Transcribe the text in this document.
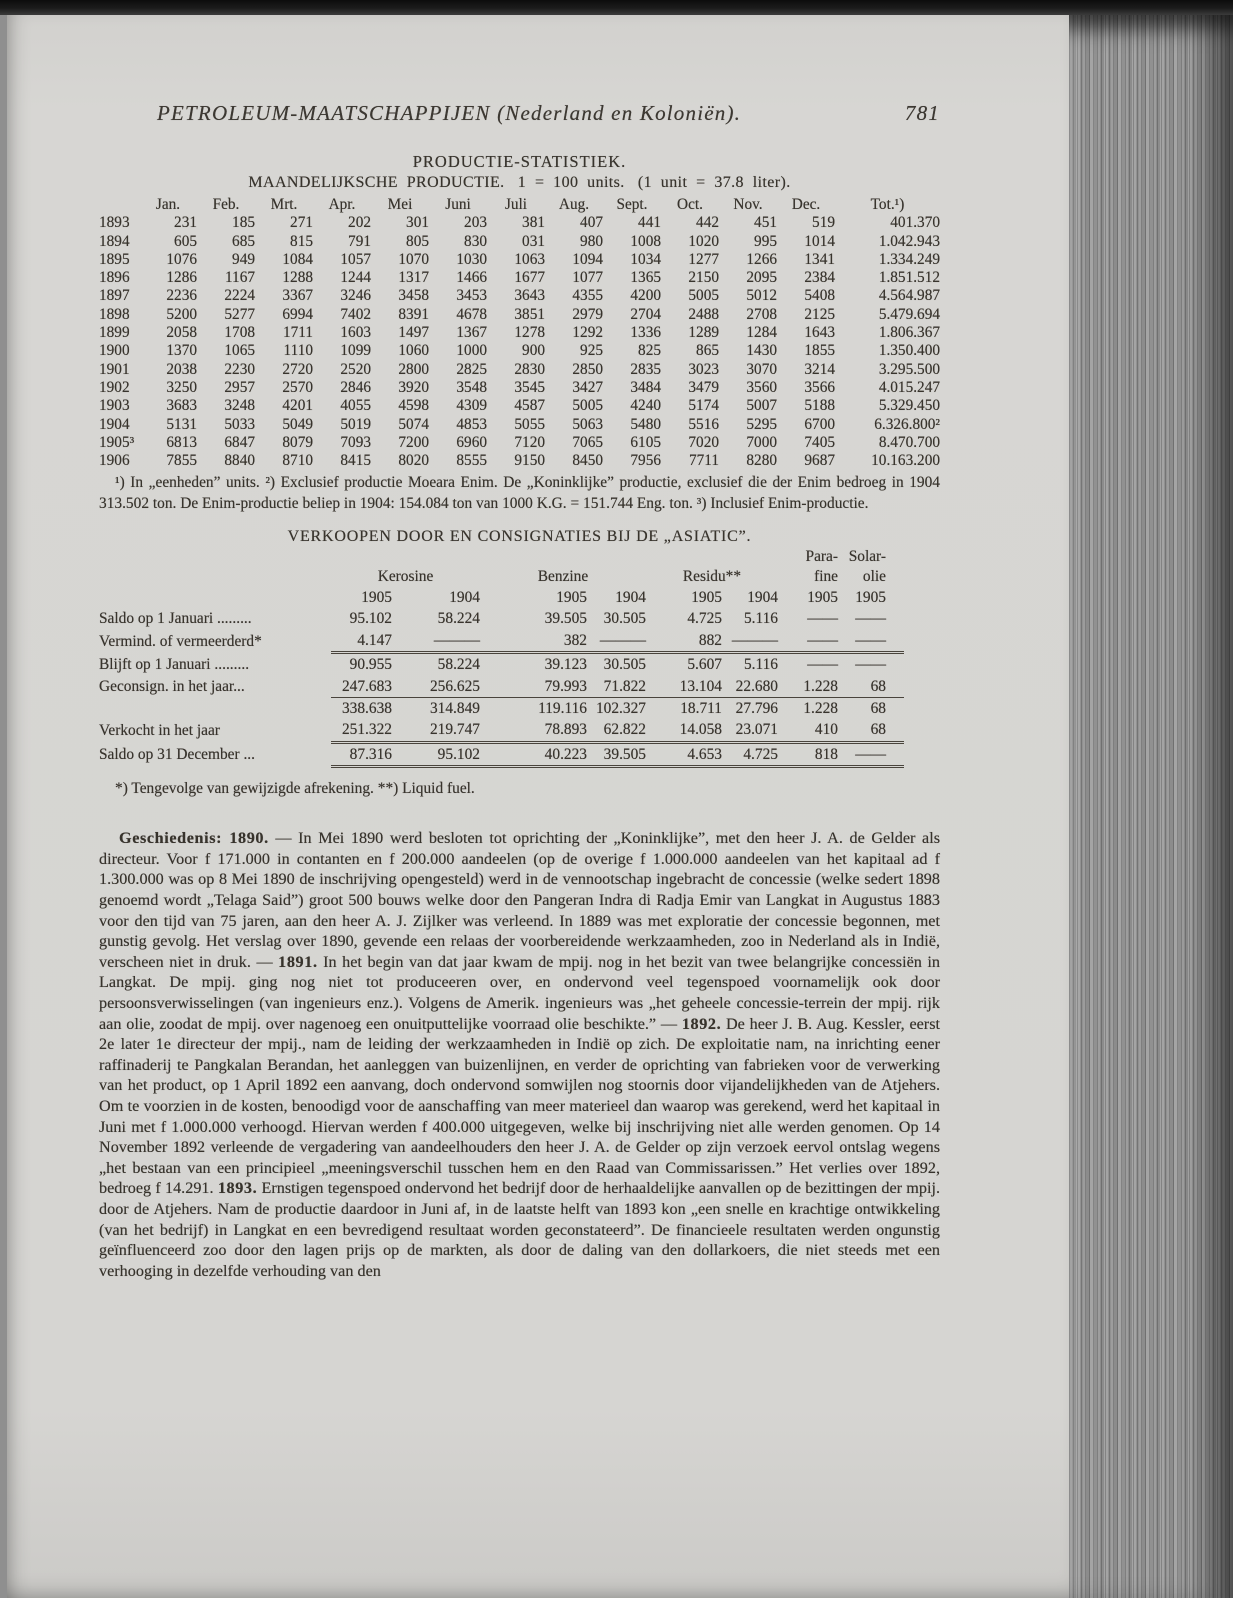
PETROLEUM-MAATSCHAPPIJEN (Nederland en Koloniën).	781
PRODUCTIE-STATISTIEK.
MAANDELIJKSCHE  PRODUCTIE.   1  =  100  units.   (1  unit  =  37.8  liter).
	Jan.	Feb.	Mrt.	Apr.	Mei	Juni	Juli	Aug.	Sept.	Oct.	Nov.	Dec.	Tot.¹)
1893	231	185	271	202	301	203	381	407	441	442	451	519	401.370
1894	605	685	815	791	805	830	031	980	1008	1020	995	1014	1.042.943
1895	1076	949	1084	1057	1070	1030	1063	1094	1034	1277	1266	1341	1.334.249
1896	1286	1167	1288	1244	1317	1466	1677	1077	1365	2150	2095	2384	1.851.512
1897	2236	2224	3367	3246	3458	3453	3643	4355	4200	5005	5012	5408	4.564.987
1898	5200	5277	6994	7402	8391	4678	3851	2979	2704	2488	2708	2125	5.479.694
1899	2058	1708	1711	1603	1497	1367	1278	1292	1336	1289	1284	1643	1.806.367
1900	1370	1065	1110	1099	1060	1000	900	925	825	865	1430	1855	1.350.400
1901	2038	2230	2720	2520	2800	2825	2830	2850	2835	3023	3070	3214	3.295.500
1902	3250	2957	2570	2846	3920	3548	3545	3427	3484	3479	3560	3566	4.015.247
1903	3683	3248	4201	4055	4598	4309	4587	5005	4240	5174	5007	5188	5.329.450
1904	5131	5033	5049	5019	5074	4853	5055	5063	5480	5516	5295	6700	6.326.800²
1905³	6813	6847	8079	7093	7200	6960	7120	7065	6105	7020	7000	7405	8.470.700
1906	7855	8840	8710	8415	8020	8555	9150	8450	7956	7711	8280	9687	10.163.200

¹) In „eenheden” units. ²) Exclusief productie Moeara Enim. De „Koninklijke” productie, exclusief die der Enim bedroeg in 1904 313.502 ton. De Enim-productie beliep in 1904: 154.084 ton van 1000 K.G. = 151.744 Eng. ton. ³) Inclusief Enim-productie.

VERKOOPEN DOOR EN CONSIGNATIES BIJ DE „ASIATIC”.
							Para-	Solar-
	Kerosine		Benzine		Residu**		fine	olie
	1905	1904	1905	1904	1905	1904	1905	1905
Saldo op 1 Januari .........	95.102	58.224	39.505	30.505	4.725	5.116	——	——
Vermind. of vermeerderd*	4.147	———	382	———	882	———	——	——
Blijft op 1 Januari .........	90.955	58.224	39.123	30.505	5.607	5.116	——	——
Geconsign. in het jaar...	247.683	256.625	79.993	71.822	13.104	22.680	1.228	68
	338.638	314.849	119.116	102.327	18.711	27.796	1.228	68
Verkocht in het jaar	251.322	219.747	78.893	62.822	14.058	23.071	410	68
Saldo op 31 December ...	87.316	95.102	40.223	39.505	4.653	4.725	818	——

*) Tengevolge van gewijzigde afrekening. **) Liquid fuel.

Geschiedenis: 1890. — In Mei 1890 werd besloten tot oprichting der „Koninklijke”, met den heer J. A. de Gelder als directeur. Voor f 171.000 in contanten en f 200.000 aandeelen (op de overige f 1.000.000 aandeelen van het kapitaal ad f 1.300.000 was op 8 Mei 1890 de inschrijving opengesteld) werd in de vennootschap ingebracht de concessie (welke sedert 1898 genoemd wordt „Telaga Said”) groot 500 bouws welke door den Pangeran Indra di Radja Emir van Langkat in Augustus 1883 voor den tijd van 75 jaren, aan den heer A. J. Zijlker was verleend. In 1889 was met exploratie der concessie begonnen, met gunstig gevolg. Het verslag over 1890, gevende een relaas der voorbereidende werkzaamheden, zoo in Nederland als in Indië, verscheen niet in druk. — 1891. In het begin van dat jaar kwam de mpij. nog in het bezit van twee belangrijke concessiën in Langkat. De mpij. ging nog niet tot produceeren over, en ondervond veel tegenspoed voornamelijk ook door persoonsverwisselingen (van ingenieurs enz.). Volgens de Amerik. ingenieurs was „het geheele concessie-terrein der mpij. rijk aan olie, zoodat de mpij. over nagenoeg een onuitputtelijke voorraad olie beschikte.” — 1892. De heer J. B. Aug. Kessler, eerst 2e later 1e directeur der mpij., nam de leiding der werkzaamheden in Indië op zich. De exploitatie nam, na inrichting eener raffinaderij te Pangkalan Berandan, het aanleggen van buizenlijnen, en verder de oprichting van fabrieken voor de verwerking van het product, op 1 April 1892 een aanvang, doch ondervond somwijlen nog stoornis door vijandelijkheden van de Atjehers. Om te voorzien in de kosten, benoodigd voor de aanschaffing van meer materieel dan waarop was gerekend, werd het kapitaal in Juni met f 1.000.000 verhoogd. Hiervan werden f 400.000 uitgegeven, welke bij inschrijving niet alle werden genomen. Op 14 November 1892 verleende de vergadering van aandeelhouders den heer J. A. de Gelder op zijn verzoek eervol ontslag wegens „het bestaan van een principieel „meeningsverschil tusschen hem en den Raad van Commissarissen.” Het verlies over 1892, bedroeg f 14.291. 1893. Ernstigen tegenspoed ondervond het bedrijf door de herhaaldelijke aanvallen op de bezittingen der mpij. door de Atjehers. Nam de productie daardoor in Juni af, in de laatste helft van 1893 kon „een snelle en krachtige ontwikkeling (van het bedrijf) in Langkat en een bevredigend resultaat worden geconstateerd”. De financieele resultaten werden ongunstig geïnfluenceerd zoo door den lagen prijs op de markten, als door de daling van den dollarkoers, die niet steeds met een verhooging in dezelfde verhouding van den
